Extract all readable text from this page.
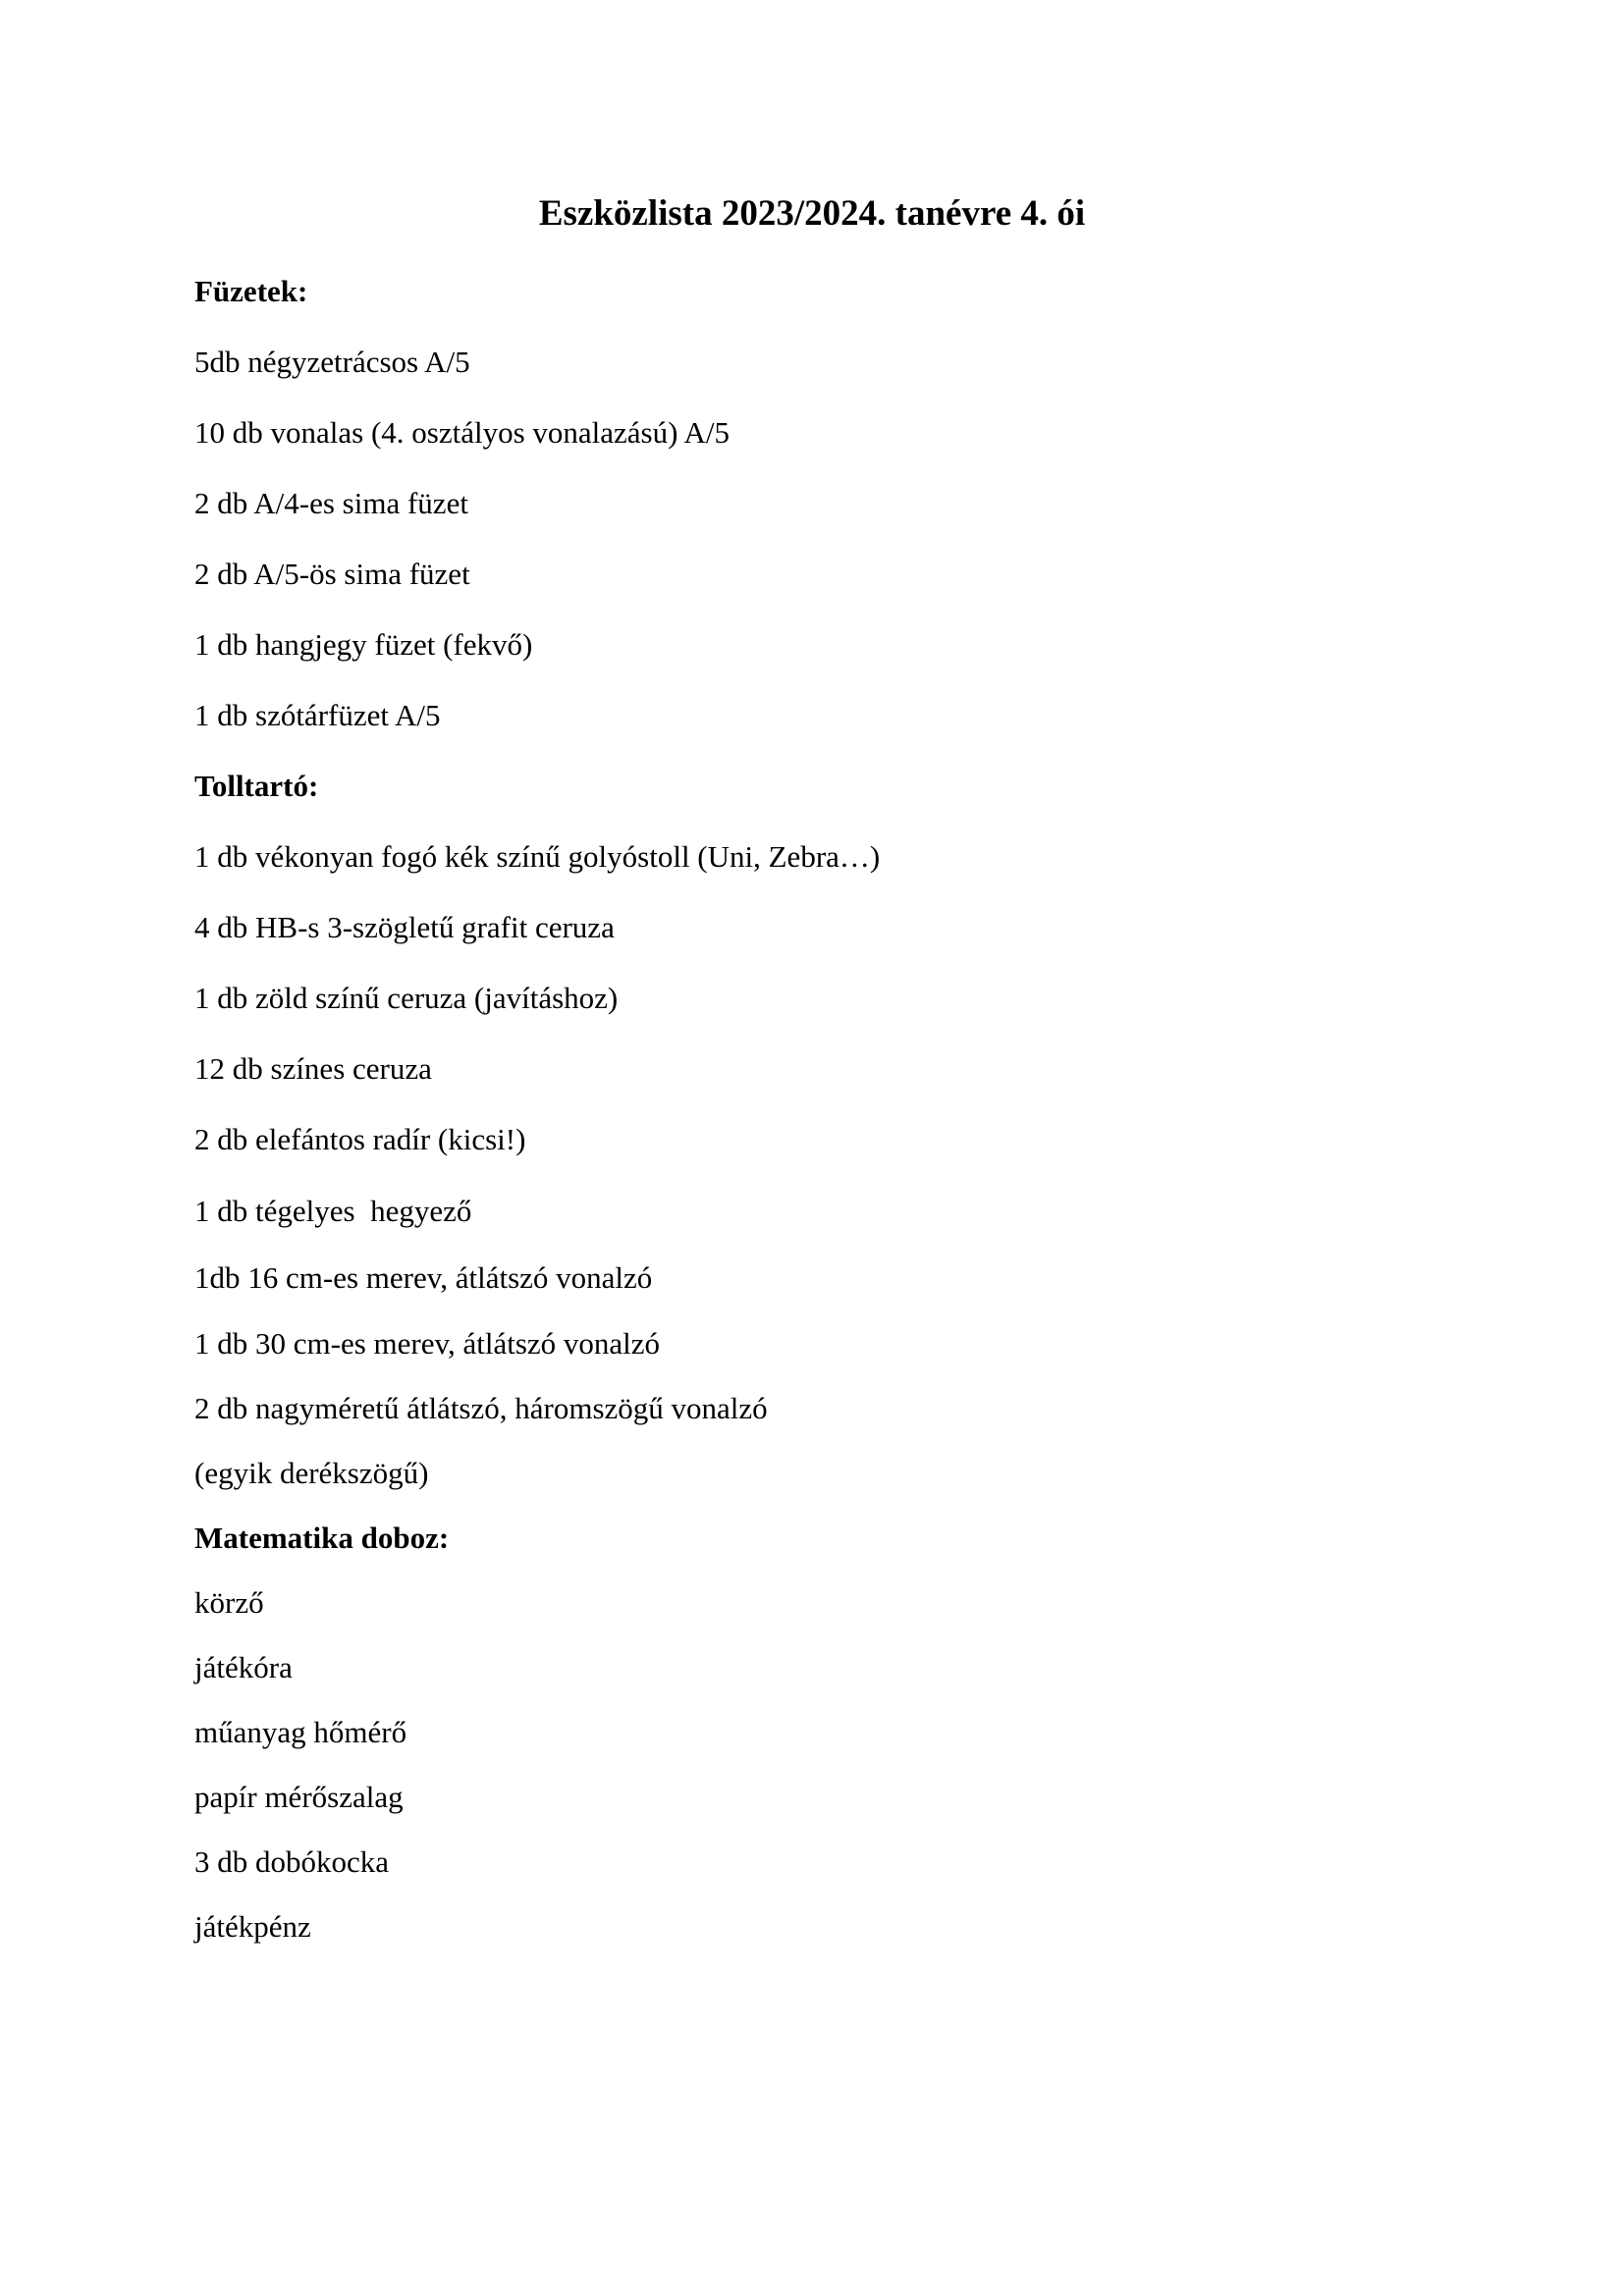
Eszközlista 2023/2024. tanévre 4. ói
Füzetek:
5db négyzetrácsos A/5
10 db vonalas (4. osztályos vonalazású) A/5
2 db A/4-es sima füzet
2 db A/5-ös sima füzet
1 db hangjegy füzet (fekvő)
1 db szótárfüzet A/5
Tolltartó:
1 db vékonyan fogó kék színű golyóstoll (Uni, Zebra…)
4 db HB-s 3-szögletű grafit ceruza
1 db zöld színű ceruza (javításhoz)
12 db színes ceruza
2 db elefántos radír (kicsi!)
1 db tégelyes  hegyező
1db 16 cm-es merev, átlátszó vonalzó
1 db 30 cm-es merev, átlátszó vonalzó
2 db nagyméretű átlátszó, háromszögű vonalzó
(egyik derékszögű)
Matematika doboz:
körző
játékóra
műanyag hőmérő
papír mérőszalag
3 db dobókocka
játékpénz
